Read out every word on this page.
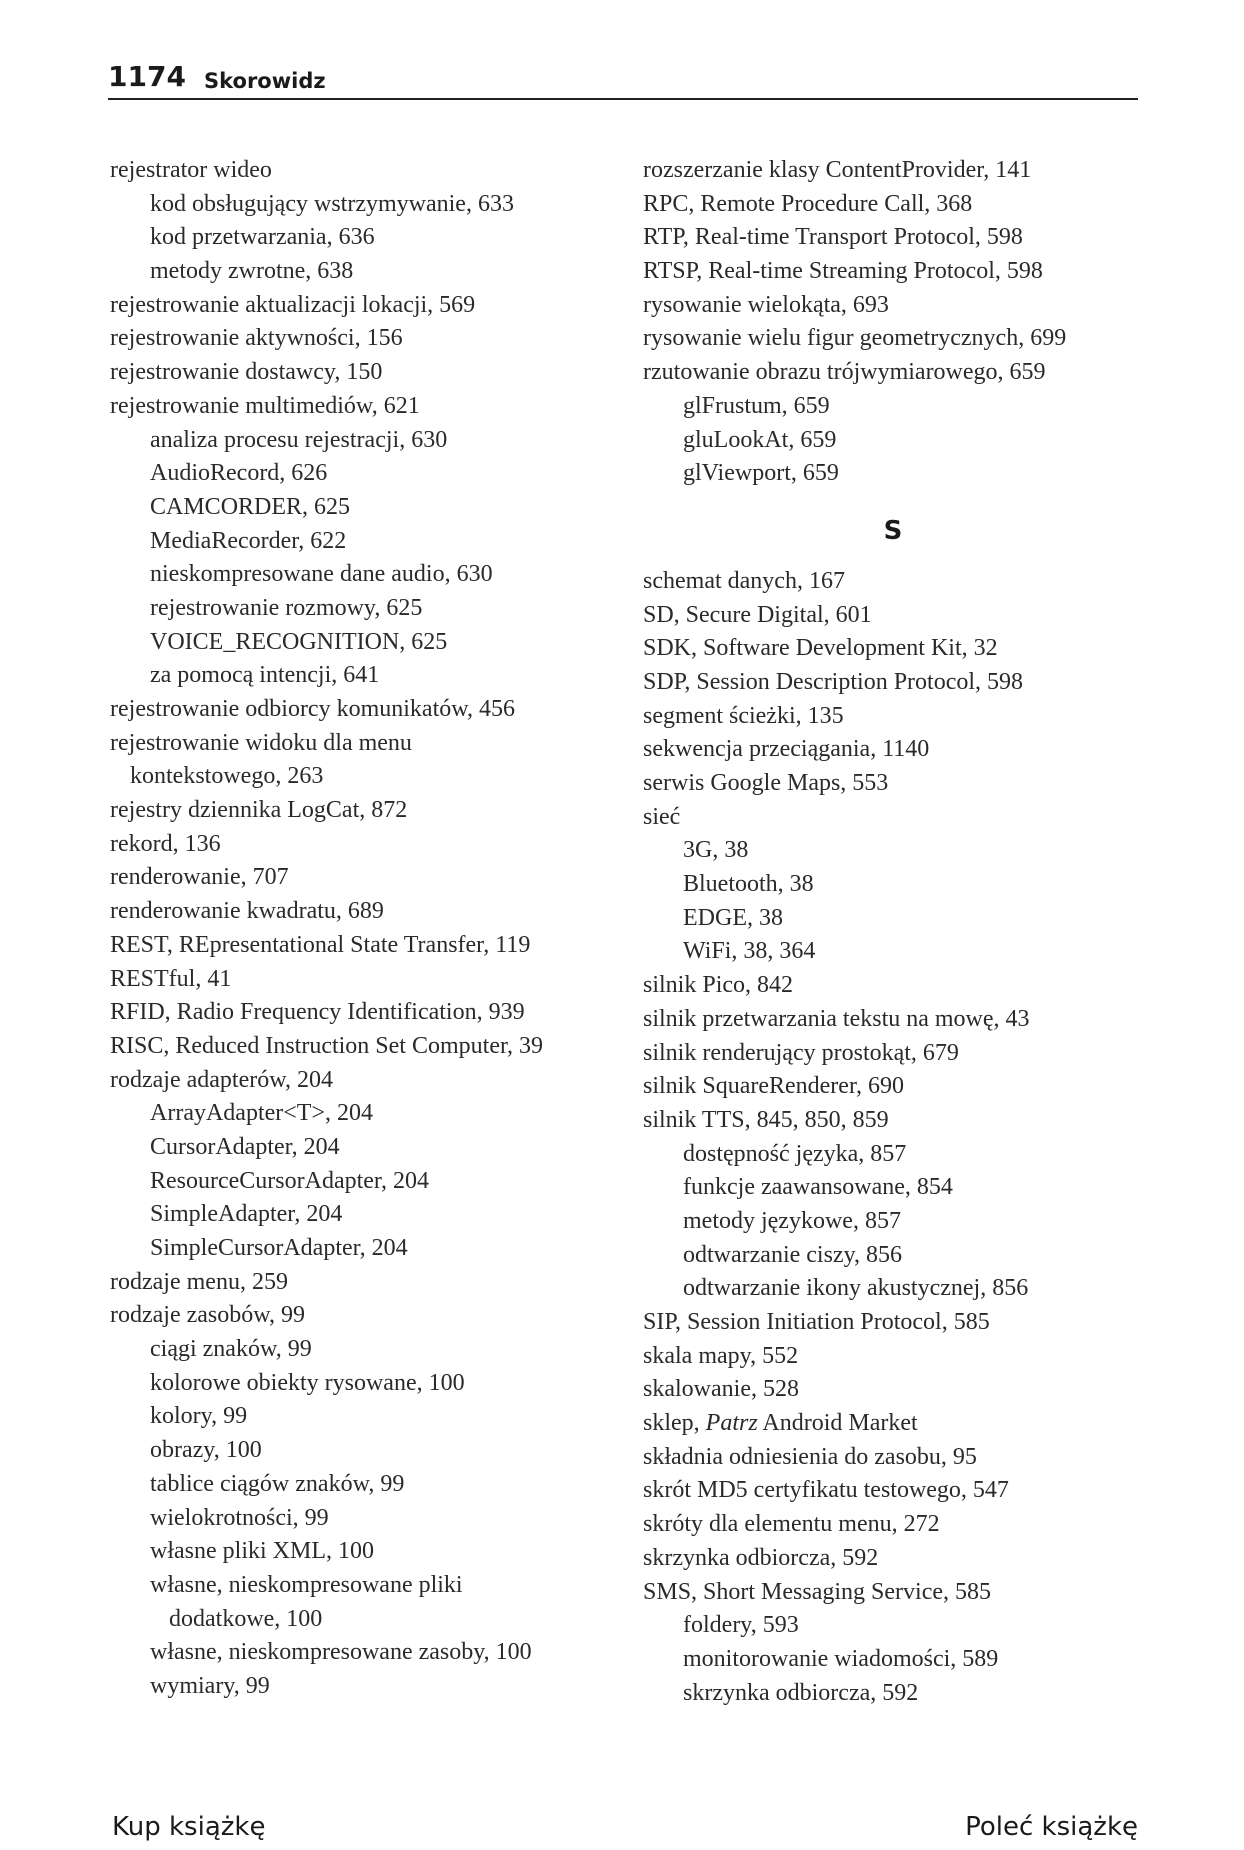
1174 Skorowidz
rejestrator wideo
kod obsługujący wstrzymywanie, 633
kod przetwarzania, 636
metody zwrotne, 638
rejestrowanie aktualizacji lokacji, 569
rejestrowanie aktywności, 156
rejestrowanie dostawcy, 150
rejestrowanie multimediów, 621
analiza procesu rejestracji, 630
AudioRecord, 626
CAMCORDER, 625
MediaRecorder, 622
nieskompresowane dane audio, 630
rejestrowanie rozmowy, 625
VOICE_RECOGNITION, 625
za pomocą intencji, 641
rejestrowanie odbiorcy komunikatów, 456
rejestrowanie widoku dla menu
kontekstowego, 263
rejestry dziennika LogCat, 872
rekord, 136
renderowanie, 707
renderowanie kwadratu, 689
REST, REpresentational State Transfer, 119
RESTful, 41
RFID, Radio Frequency Identification, 939
RISC, Reduced Instruction Set Computer, 39
rodzaje adapterów, 204
ArrayAdapter<T>, 204
CursorAdapter, 204
ResourceCursorAdapter, 204
SimpleAdapter, 204
SimpleCursorAdapter, 204
rodzaje menu, 259
rodzaje zasobów, 99
ciągi znaków, 99
kolorowe obiekty rysowane, 100
kolory, 99
obrazy, 100
tablice ciągów znaków, 99
wielokrotności, 99
własne pliki XML, 100
własne, nieskompresowane pliki
dodatkowe, 100
własne, nieskompresowane zasoby, 100
wymiary, 99
rozszerzanie klasy ContentProvider, 141
RPC, Remote Procedure Call, 368
RTP, Real-time Transport Protocol, 598
RTSP, Real-time Streaming Protocol, 598
rysowanie wielokąta, 693
rysowanie wielu figur geometrycznych, 699
rzutowanie obrazu trójwymiarowego, 659
glFrustum, 659
gluLookAt, 659
glViewport, 659
S
schemat danych, 167
SD, Secure Digital, 601
SDK, Software Development Kit, 32
SDP, Session Description Protocol, 598
segment ścieżki, 135
sekwencja przeciągania, 1140
serwis Google Maps, 553
sieć
3G, 38
Bluetooth, 38
EDGE, 38
WiFi, 38, 364
silnik Pico, 842
silnik przetwarzania tekstu na mowę, 43
silnik renderujący prostokąt, 679
silnik SquareRenderer, 690
silnik TTS, 845, 850, 859
dostępność języka, 857
funkcje zaawansowane, 854
metody językowe, 857
odtwarzanie ciszy, 856
odtwarzanie ikony akustycznej, 856
SIP, Session Initiation Protocol, 585
skala mapy, 552
skalowanie, 528
sklep, Patrz Android Market
składnia odniesienia do zasobu, 95
skrót MD5 certyfikatu testowego, 547
skróty dla elementu menu, 272
skrzynka odbiorcza, 592
SMS, Short Messaging Service, 585
foldery, 593
monitorowanie wiadomości, 589
skrzynka odbiorcza, 592
Kup książkę	Poleć książkę
